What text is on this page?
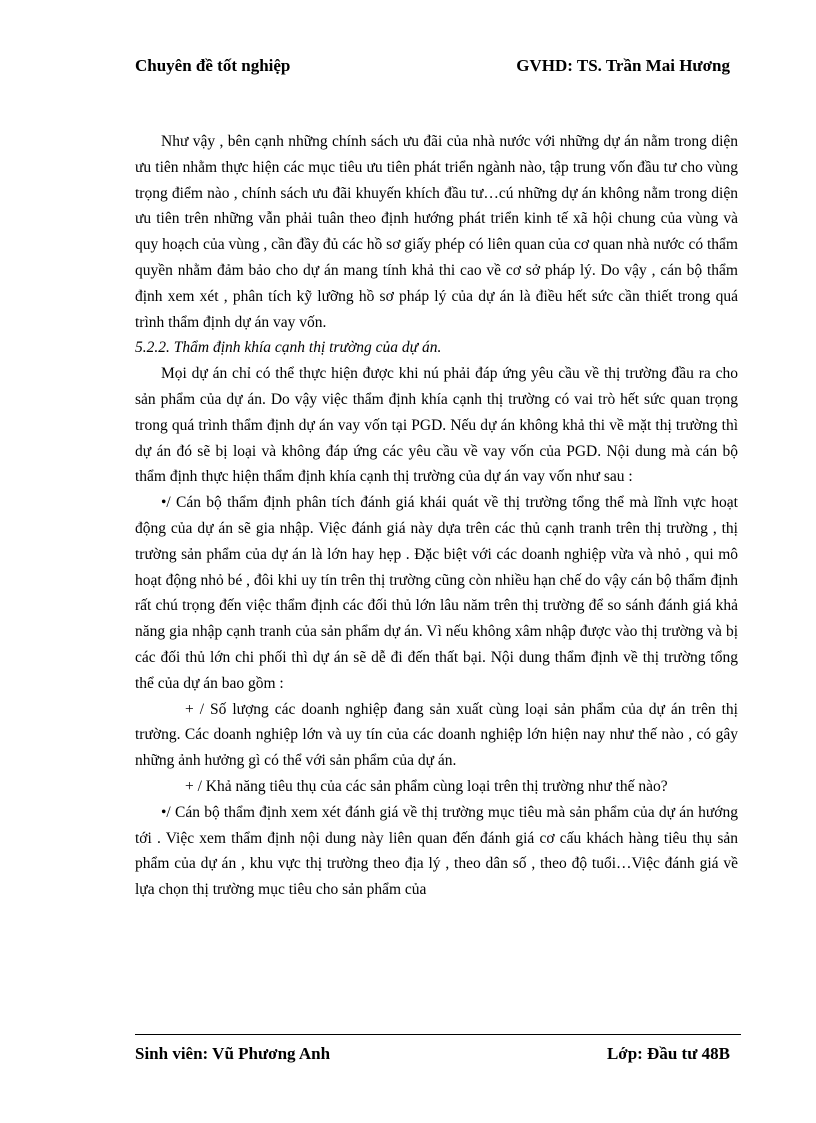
Chuyên đề tốt nghiệp	GVHD: TS. Trần Mai Hương

Như vậy , bên cạnh những chính sách ưu đãi của nhà nước với những dự án nằm trong diện ưu tiên nhằm thực hiện các mục tiêu ưu tiên phát triển ngành nào, tập trung vốn đầu tư cho vùng trọng điểm nào , chính sách ưu đãi khuyến khích đầu tư…cú những dự án không nằm trong diện ưu tiên trên những vẫn phải tuân theo định hướng phát triển kinh tế xã hội chung của vùng và quy hoạch của vùng , cần đầy đủ các hồ sơ giấy phép có liên quan của cơ quan nhà nước có thẩm quyền nhằm đảm bảo cho dự án mang tính khả thi cao về cơ sở pháp lý. Do vậy , cán bộ thẩm định xem xét , phân tích kỹ lưỡng hồ sơ pháp lý của dự án là điều hết sức cần thiết trong quá trình thẩm định dự án vay vốn.

5.2.2. Thẩm định khía cạnh thị trường của dự án.

Mọi dự án chỉ có thể thực hiện được khi nú phải đáp ứng yêu cầu về thị trường đầu ra cho sản phẩm của dự án. Do vậy việc thẩm định khía cạnh thị trường có vai trò hết sức quan trọng trong quá trình thẩm định dự án vay vốn tại PGD. Nếu dự án không khả thi về mặt thị trường thì dự án đó sẽ bị loại và không đáp ứng các yêu cầu về vay vốn của PGD. Nội dung mà cán bộ thẩm định thực hiện thẩm định khía cạnh thị trường của dự án vay vốn như sau :

•/ Cán bộ thẩm định phân tích đánh giá khái quát về thị trường tổng thể mà lĩnh vực hoạt động của dự án sẽ gia nhập. Việc đánh giá này dựa trên các thủ cạnh tranh trên thị trường , thị trường sản phẩm của dự án là lớn hay hẹp . Đặc biệt với các doanh nghiệp vừa và nhỏ , qui mô hoạt động nhỏ bé , đôi khi uy tín trên thị trường cũng còn nhiều hạn chế do vậy cán bộ thẩm định rất chú trọng đến việc thẩm định các đối thủ lớn lâu năm trên thị trường để so sánh đánh giá khả năng gia nhập cạnh tranh của sản phẩm dự án. Vì nếu không xâm nhập được vào thị trường và bị các đối thủ lớn chi phối thì dự án sẽ dễ đi đến thất bại. Nội dung thẩm định về thị trường tổng thể của dự án bao gồm :

+ / Số lượng các doanh nghiệp đang sản xuất cùng loại sản phẩm của dự án trên thị trường. Các doanh nghiệp lớn và uy tín của các doanh nghiệp lớn hiện nay như thế nào , có gây những ảnh hưởng gì có thể với sản phẩm của dự án.

+ / Khả năng tiêu thụ của các sản phẩm cùng loại trên thị trường như thế nào?

•/ Cán bộ thẩm định xem xét đánh giá về thị trường mục tiêu mà sản phẩm của dự án hướng tới . Việc xem thẩm định nội dung này liên quan đến đánh giá cơ cấu khách hàng tiêu thụ sản phẩm của dự án , khu vực thị trường theo địa lý , theo dân số , theo độ tuổi…Việc đánh giá về lựa chọn thị trường mục tiêu cho sản phẩm của

Sinh viên: Vũ Phương Anh	Lớp: Đầu tư 48B
